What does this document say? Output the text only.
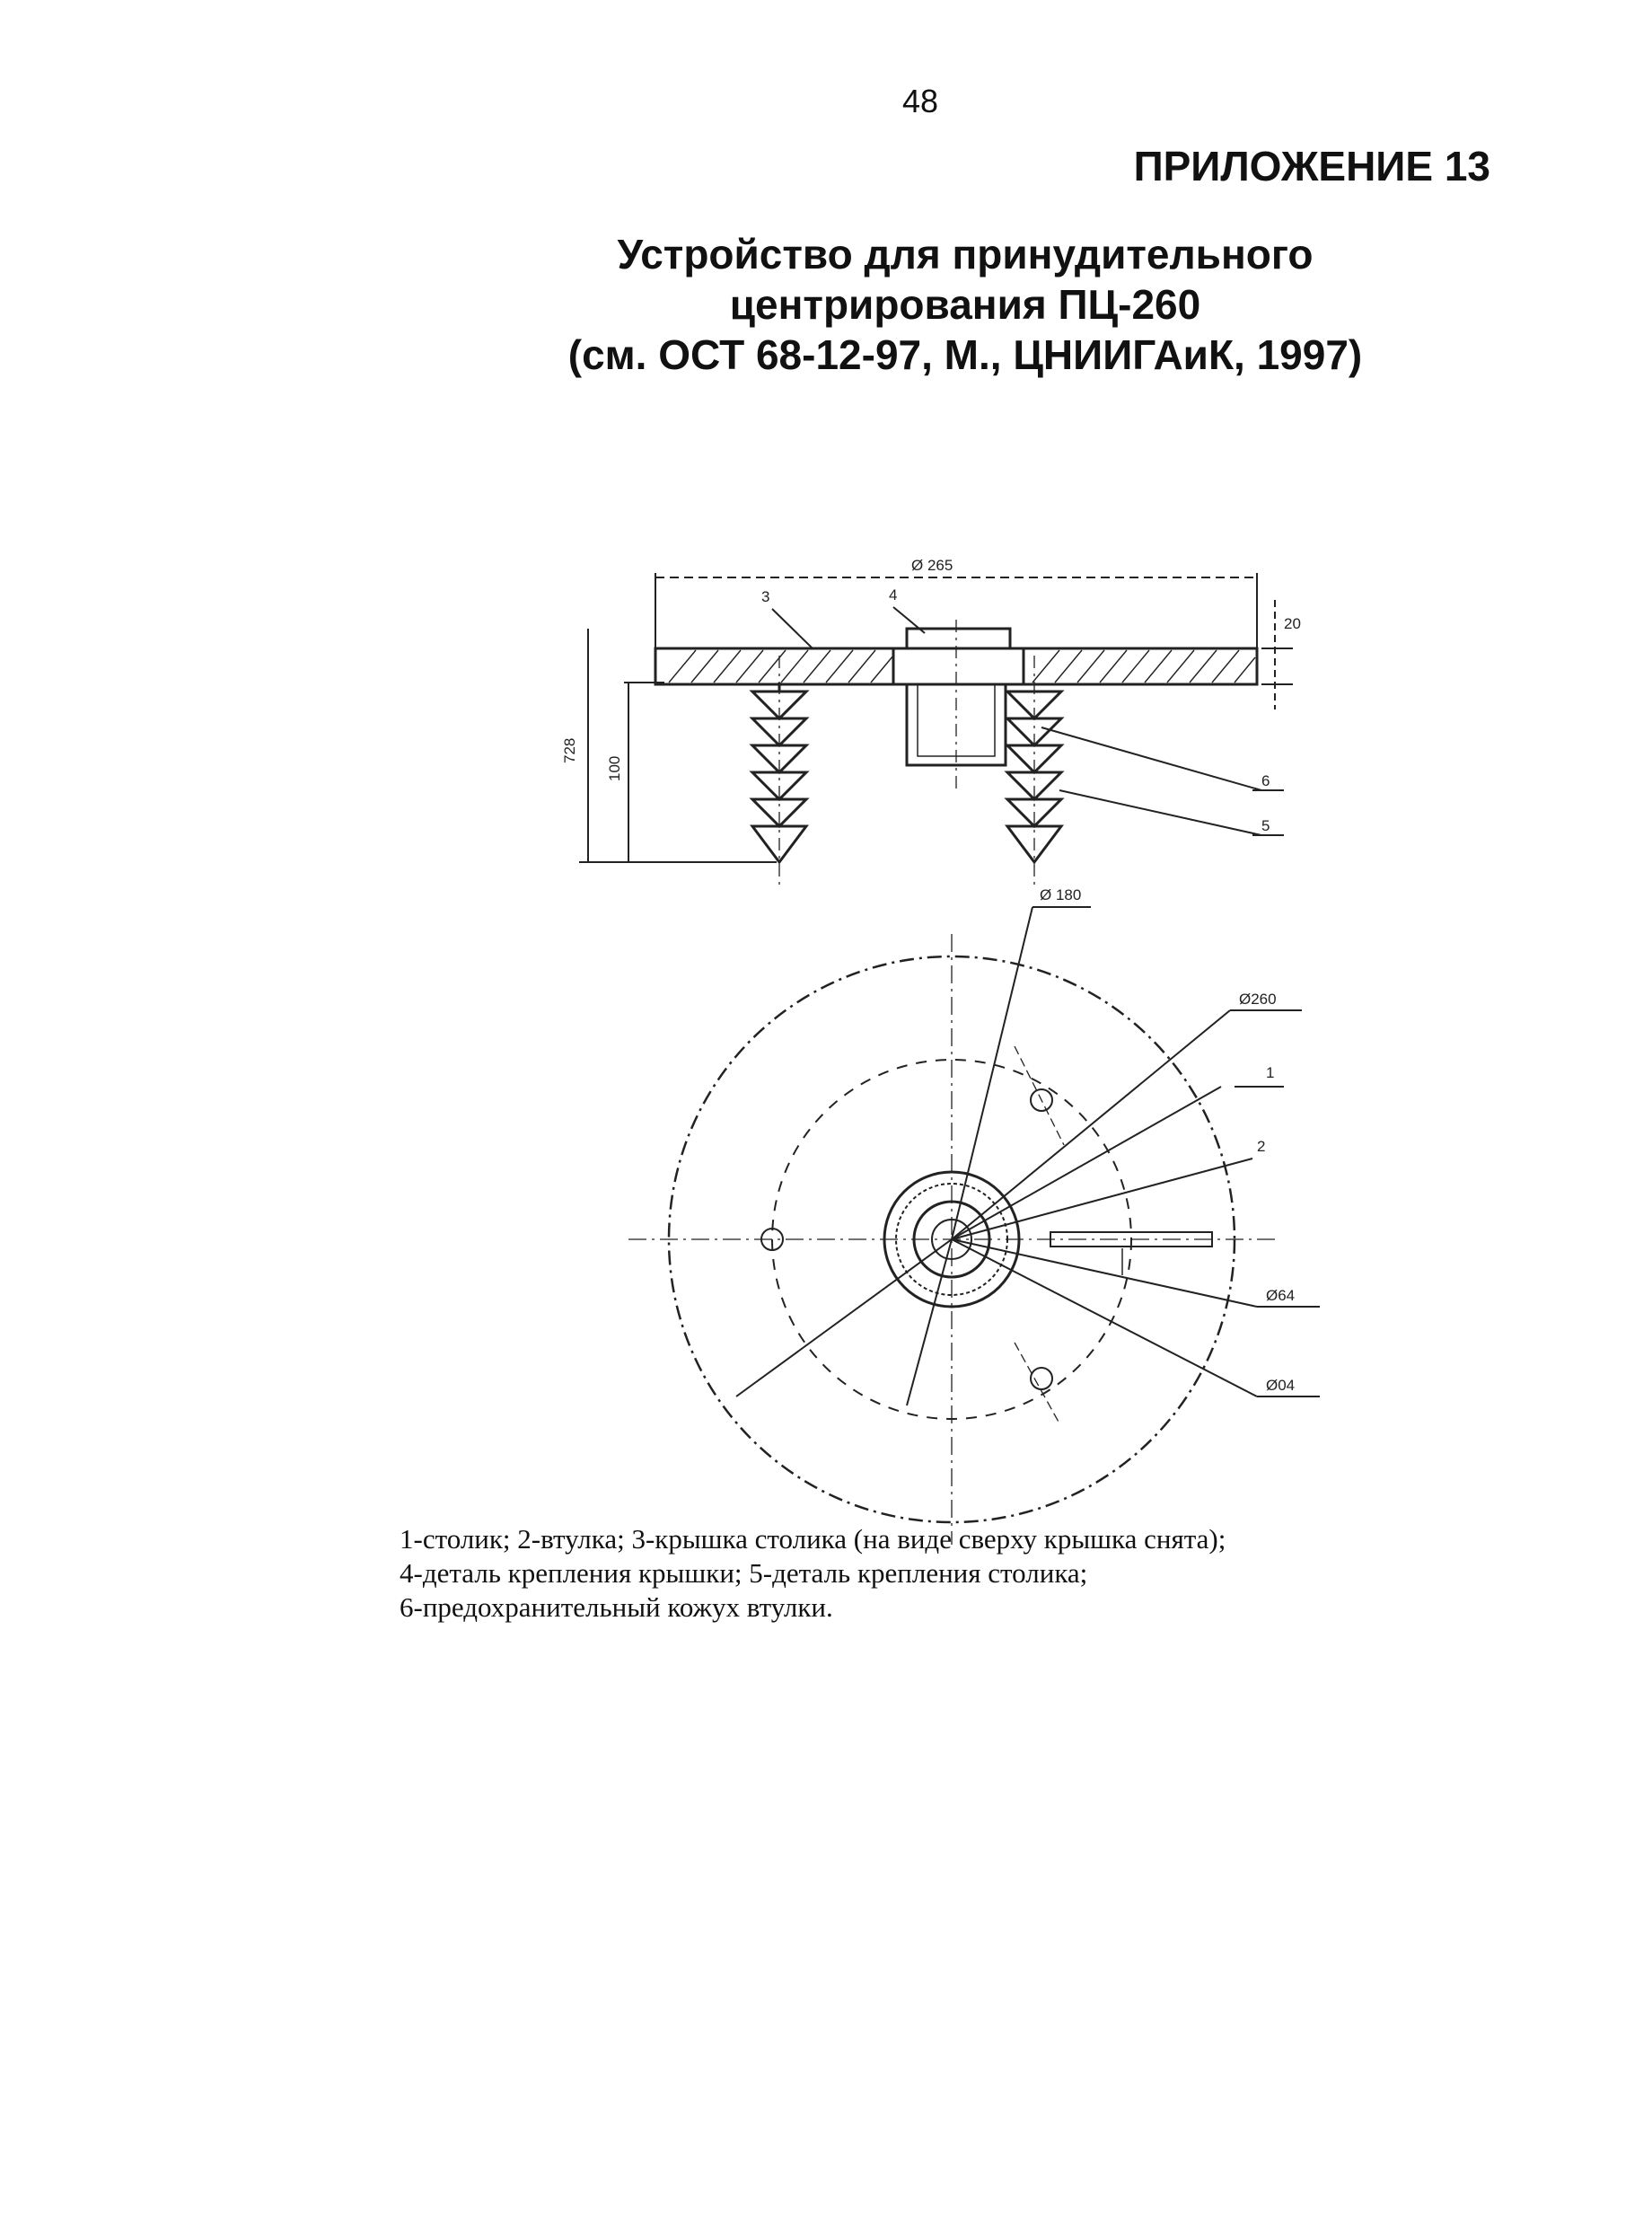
48
ПРИЛОЖЕНИЕ 13
Устройство для принудительного
центрирования ПЦ-260
(см. ОСТ 68-12-97, М., ЦНИИГАиК, 1997)
Ø 265
20
728
100
3	4
6
5
Ø 180
Ø260
1
2
Ø64
Ø04
1-столик; 2-втулка; 3-крышка столика (на виде сверху крышка снята);
4-деталь крепления крышки; 5-деталь крепления столика;
6-предохранительный кожух втулки.
